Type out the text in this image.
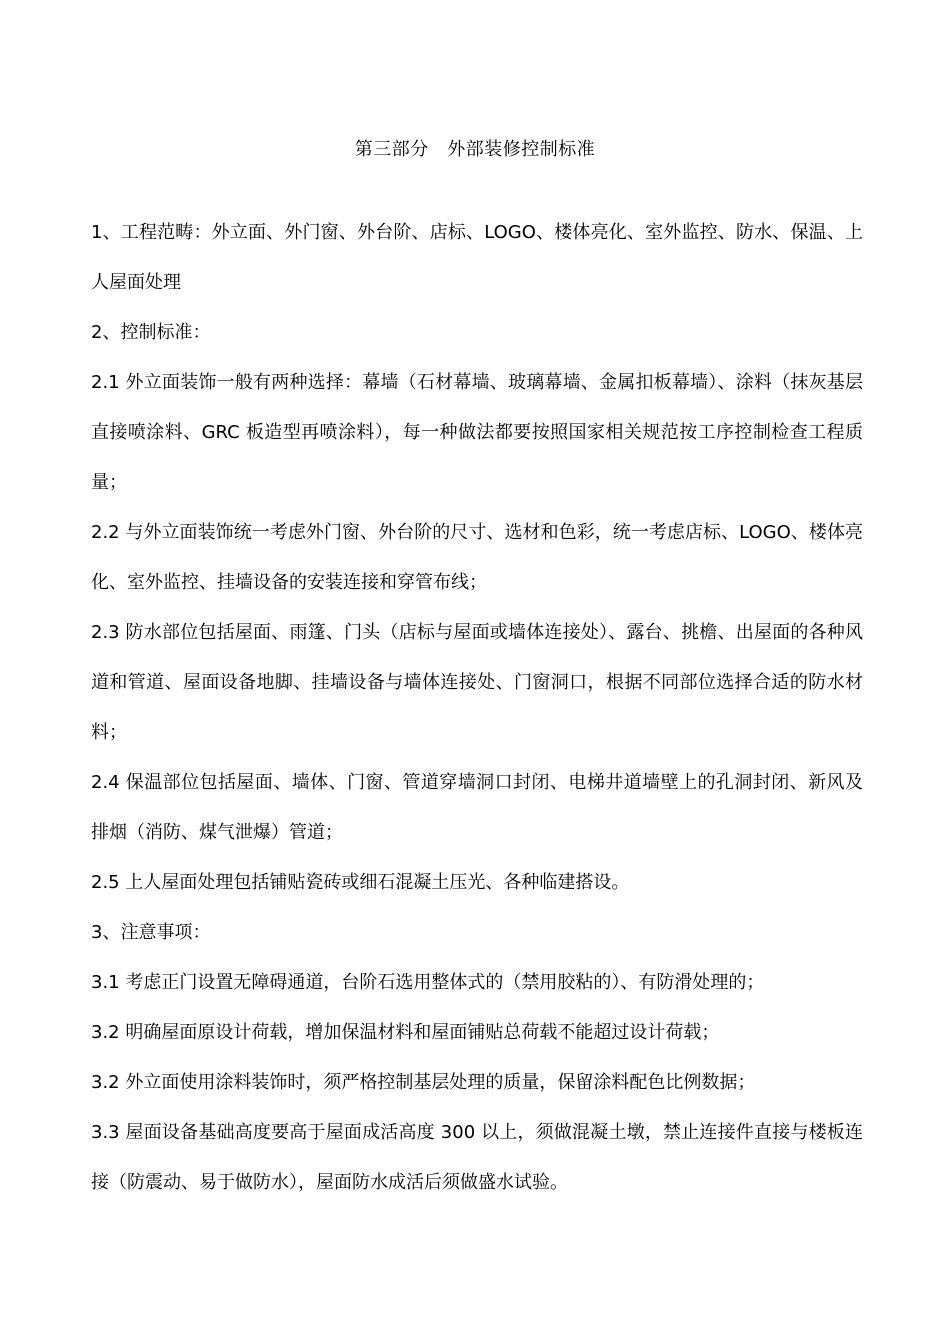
第三部分　外部装修控制标准

1、工程范畴：外立面、外门窗、外台阶、店标、LOGO、楼体亮化、室外监控、防水、保温、上人屋面处理

2、控制标准：

2.1 外立面装饰一般有两种选择：幕墙（石材幕墙、玻璃幕墙、金属扣板幕墙）、涂料（抹灰基层直接喷涂料、GRC 板造型再喷涂料），每一种做法都要按照国家相关规范按工序控制检查工程质量；

2.2 与外立面装饰统一考虑外门窗、外台阶的尺寸、选材和色彩，统一考虑店标、LOGO、楼体亮化、室外监控、挂墙设备的安装连接和穿管布线；

2.3 防水部位包括屋面、雨篷、门头（店标与屋面或墙体连接处）、露台、挑檐、出屋面的各种风道和管道、屋面设备地脚、挂墙设备与墙体连接处、门窗洞口，根据不同部位选择合适的防水材料；

2.4 保温部位包括屋面、墙体、门窗、管道穿墙洞口封闭、电梯井道墙壁上的孔洞封闭、新风及排烟（消防、煤气泄爆）管道；

2.5 上人屋面处理包括铺贴瓷砖或细石混凝土压光、各种临建搭设。

3、注意事项：

3.1 考虑正门设置无障碍通道，台阶石选用整体式的（禁用胶粘的）、有防滑处理的；

3.2 明确屋面原设计荷载，增加保温材料和屋面铺贴总荷载不能超过设计荷载；

3.2 外立面使用涂料装饰时，须严格控制基层处理的质量，保留涂料配色比例数据；

3.3 屋面设备基础高度要高于屋面成活高度 300 以上，须做混凝土墩，禁止连接件直接与楼板连接（防震动、易于做防水），屋面防水成活后须做盛水试验。
